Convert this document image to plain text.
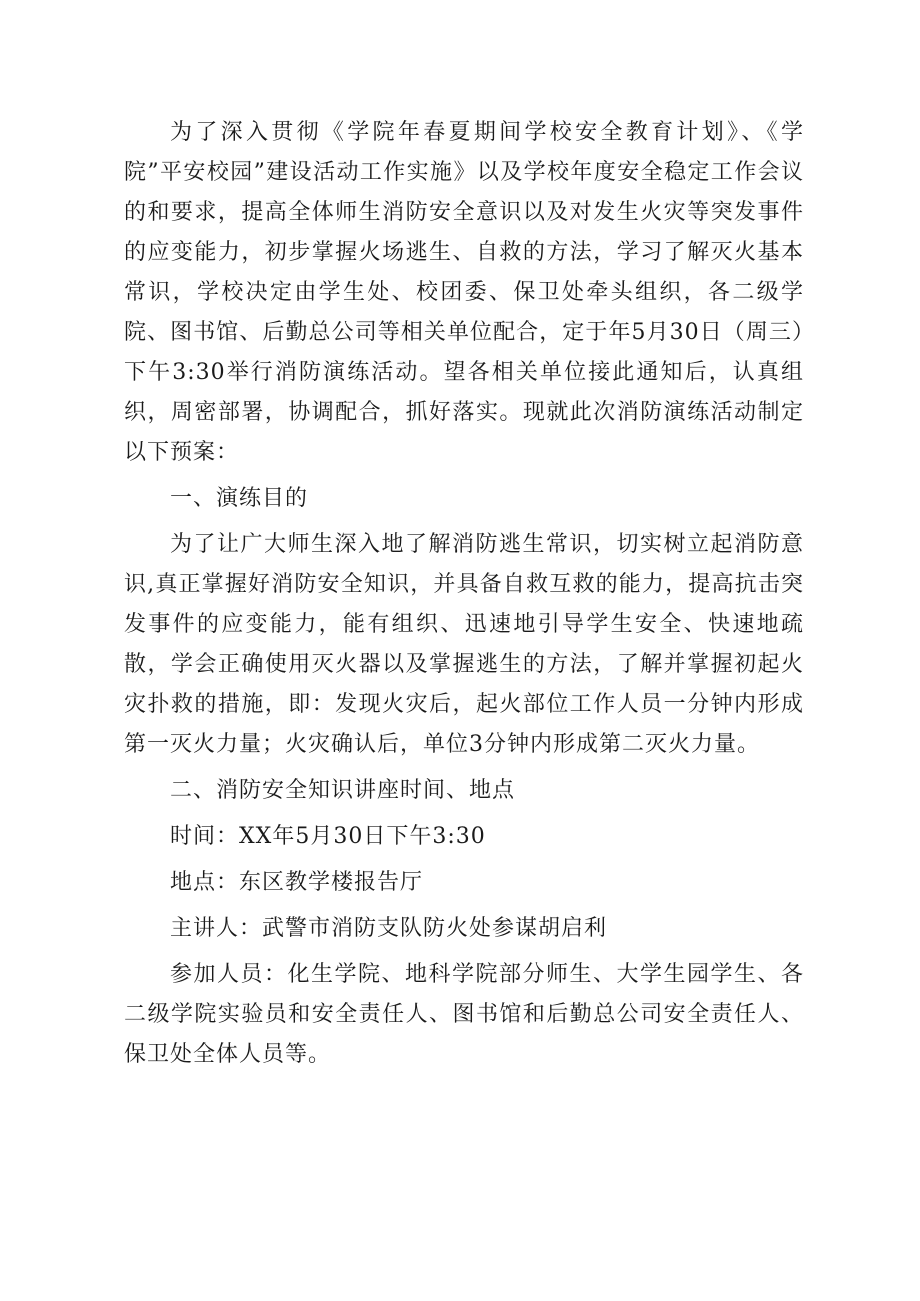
为了深入贯彻《学院年春夏期间学校安全教育计划》、《学院”平安校园”建设活动工作实施》以及学校年度安全稳定工作会议的和要求，提高全体师生消防安全意识以及对发生火灾等突发事件的应变能力，初步掌握火场逃生、自救的方法，学习了解灭火基本常识，学校决定由学生处、校团委、保卫处牵头组织，各二级学院、图书馆、后勤总公司等相关单位配合，定于年5月30日（周三）下午3:30举行消防演练活动。望各相关单位接此通知后，认真组织，周密部署，协调配合，抓好落实。现就此次消防演练活动制定以下预案：

一、演练目的

为了让广大师生深入地了解消防逃生常识，切实树立起消防意识,真正掌握好消防安全知识，并具备自救互救的能力，提高抗击突发事件的应变能力，能有组织、迅速地引导学生安全、快速地疏散，学会正确使用灭火器以及掌握逃生的方法，了解并掌握初起火灾扑救的措施，即：发现火灾后，起火部位工作人员一分钟内形成第一灭火力量；火灾确认后，单位3分钟内形成第二灭火力量。

二、消防安全知识讲座时间、地点

时间：XX年5月30日下午3:30

地点：东区教学楼报告厅

主讲人：武警市消防支队防火处参谋胡启利

参加人员：化生学院、地科学院部分师生、大学生园学生、各二级学院实验员和安全责任人、图书馆和后勤总公司安全责任人、保卫处全体人员等。
